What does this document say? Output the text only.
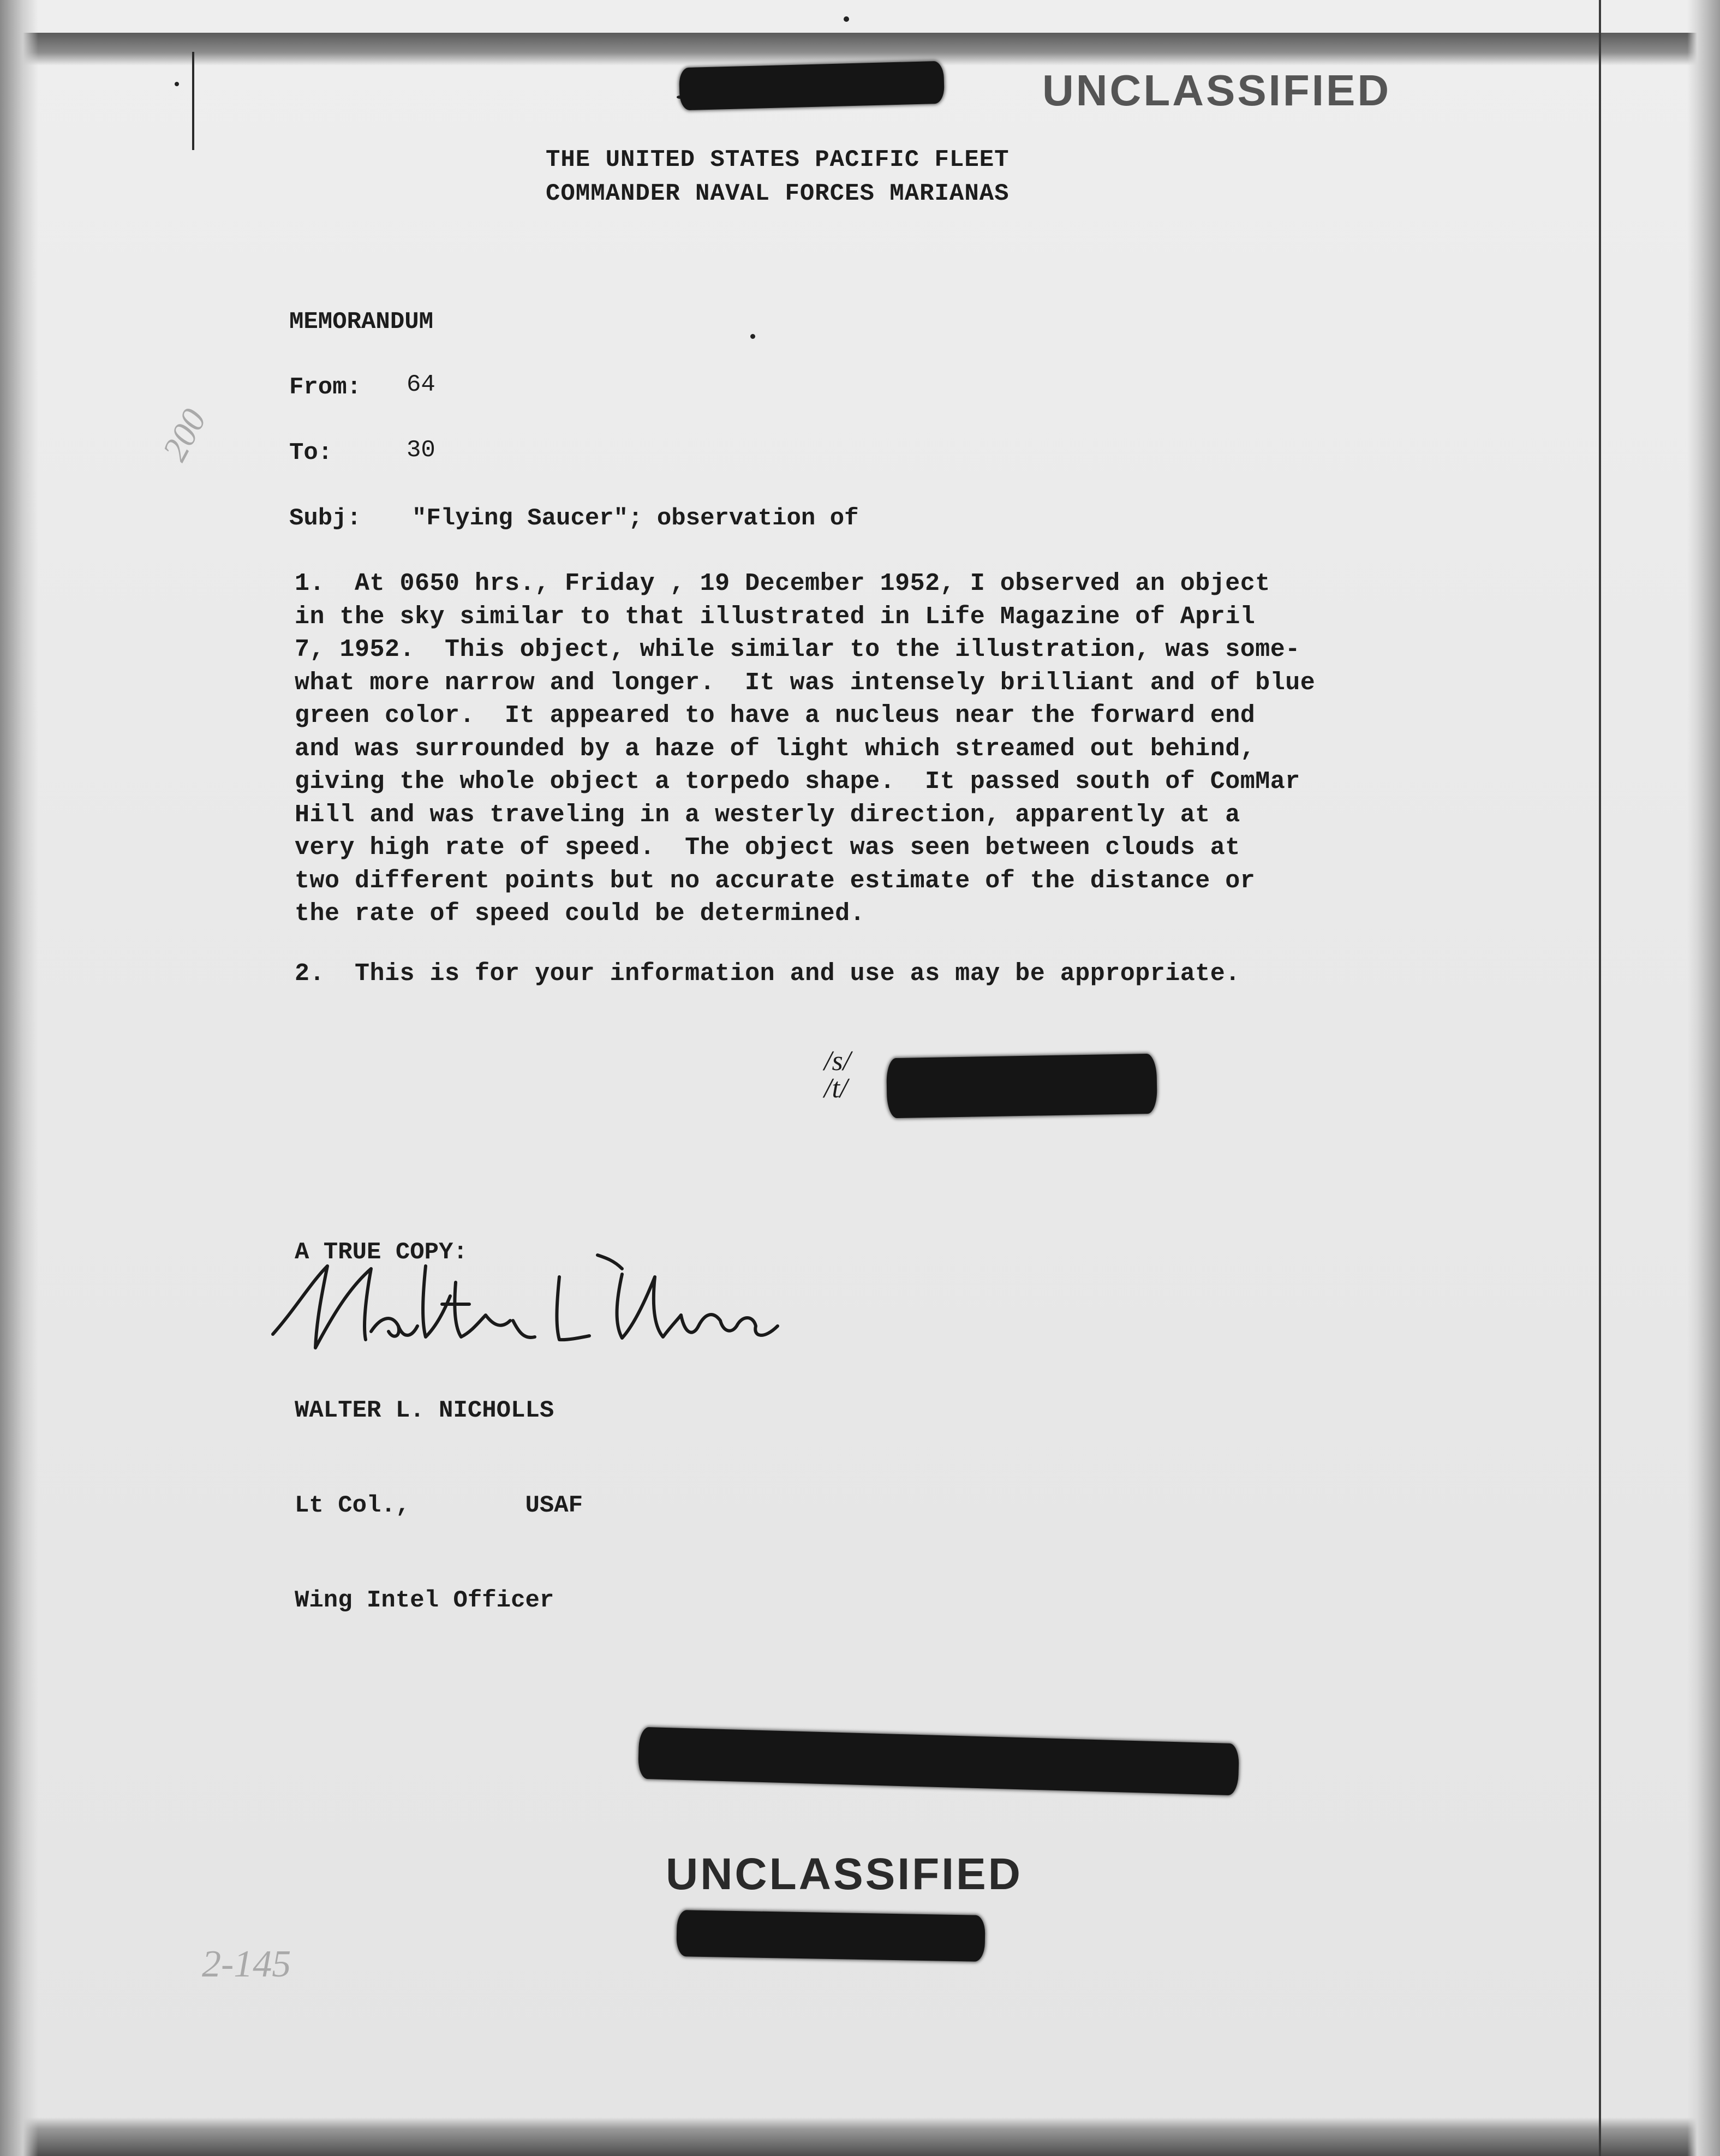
UNCLASSIFIED
THE UNITED STATES PACIFIC FLEET
COMMANDER NAVAL FORCES MARIANAS
200
MEMORANDUM
From: 64
To:	30
Subj: "Flying Saucer"; observation of
1.  At 0650 hrs., Friday , 19 December 1952, I observed an object
in the sky similar to that illustrated in Life Magazine of April
7, 1952.  This object, while similar to the illustration, was some-
what more narrow and longer.  It was intensely brilliant and of blue
green color.  It appeared to have a nucleus near the forward end
and was surrounded by a haze of light which streamed out behind,
giving the whole object a torpedo shape.  It passed south of ComMar
Hill and was traveling in a westerly direction, apparently at a
very high rate of speed.  The object was seen between clouds at
two different points but no accurate estimate of the distance or
the rate of speed could be determined.
2.  This is for your information and use as may be appropriate.
/s/
/t/
A TRUE COPY:

WALTER L. NICHOLLS

Lt Col.,        USAF

Wing Intel Officer

UNCLASSIFIED
2-145
